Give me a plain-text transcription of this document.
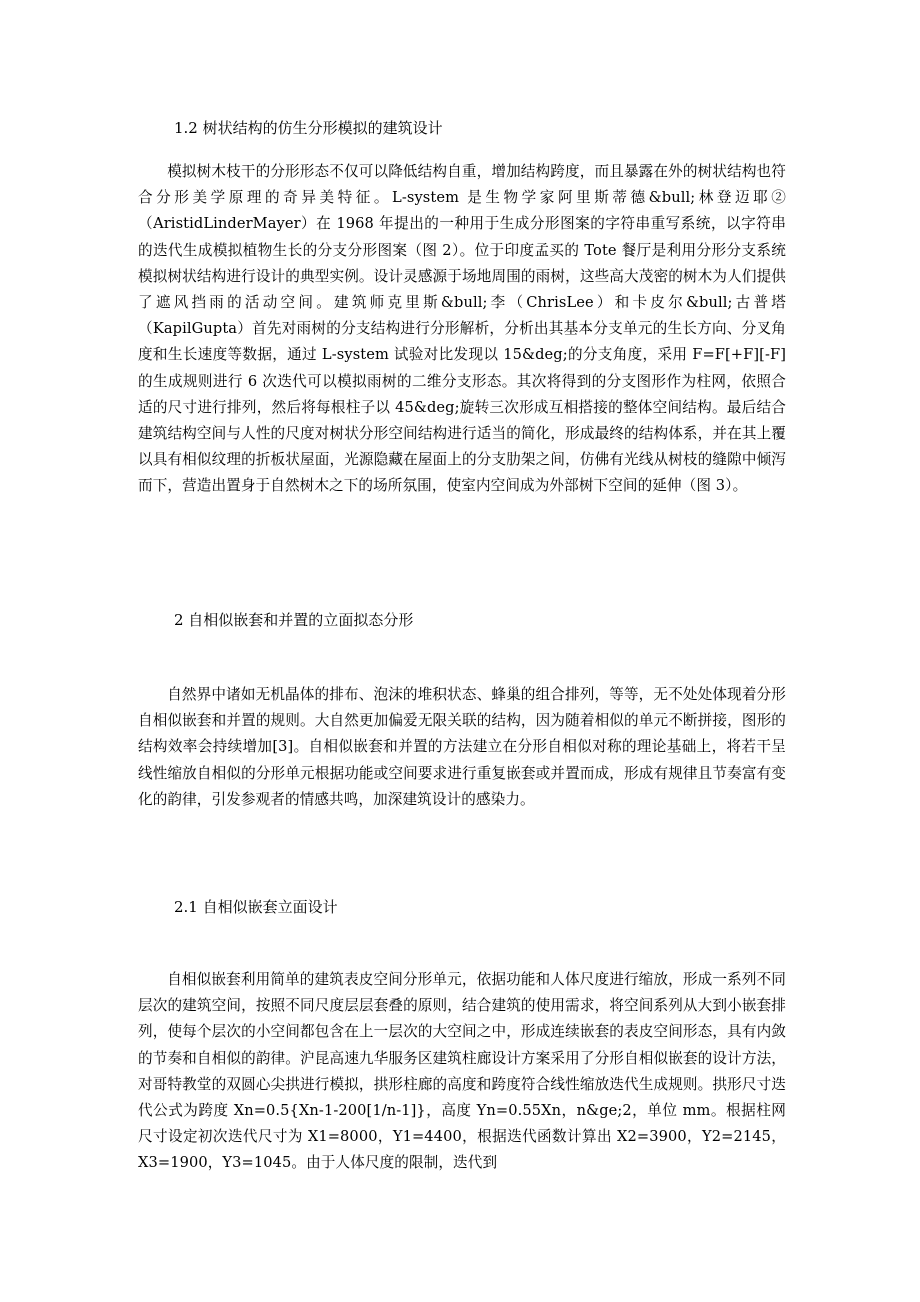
1.2 树状结构的仿生分形模拟的建筑设计
模拟树木枝干的分形形态不仅可以降低结构自重，增加结构跨度，而且暴露在外的树状结构也符合分形美学原理的奇异美特征。L-system 是生物学家阿里斯蒂德&bull;林登迈耶②（AristidLinderMayer）在 1968 年提出的一种用于生成分形图案的字符串重写系统，以字符串的迭代生成模拟植物生长的分支分形图案（图 2）。位于印度孟买的 Tote 餐厅是利用分形分支系统模拟树状结构进行设计的典型实例。设计灵感源于场地周围的雨树，这些高大茂密的树木为人们提供了遮风挡雨的活动空间。建筑师克里斯&bull;李（ChrisLee）和卡皮尔&bull;古普塔（KapilGupta）首先对雨树的分支结构进行分形解析，分析出其基本分支单元的生长方向、分叉角度和生长速度等数据，通过 L-system 试验对比发现以 15&deg;的分支角度，采用 F=F[+F][-F]的生成规则进行 6 次迭代可以模拟雨树的二维分支形态。其次将得到的分支图形作为柱网，依照合适的尺寸进行排列，然后将每根柱子以 45&deg;旋转三次形成互相搭接的整体空间结构。最后结合建筑结构空间与人性的尺度对树状分形空间结构进行适当的简化，形成最终的结构体系，并在其上覆以具有相似纹理的折板状屋面，光源隐藏在屋面上的分支肋架之间，仿佛有光线从树枝的缝隙中倾泻而下，营造出置身于自然树木之下的场所氛围，使室内空间成为外部树下空间的延伸（图 3）。
2 自相似嵌套和并置的立面拟态分形
自然界中诸如无机晶体的排布、泡沫的堆积状态、蜂巢的组合排列，等等，无不处处体现着分形自相似嵌套和并置的规则。大自然更加偏爱无限关联的结构，因为随着相似的单元不断拼接，图形的结构效率会持续增加[3]。自相似嵌套和并置的方法建立在分形自相似对称的理论基础上，将若干呈线性缩放自相似的分形单元根据功能或空间要求进行重复嵌套或并置而成，形成有规律且节奏富有变化的韵律，引发参观者的情感共鸣，加深建筑设计的感染力。
2.1 自相似嵌套立面设计
自相似嵌套利用简单的建筑表皮空间分形单元，依据功能和人体尺度进行缩放，形成一系列不同层次的建筑空间，按照不同尺度层层套叠的原则，结合建筑的使用需求，将空间系列从大到小嵌套排列，使每个层次的小空间都包含在上一层次的大空间之中，形成连续嵌套的表皮空间形态，具有内敛的节奏和自相似的韵律。沪昆高速九华服务区建筑柱廊设计方案采用了分形自相似嵌套的设计方法，对哥特教堂的双圆心尖拱进行模拟，拱形柱廊的高度和跨度符合线性缩放迭代生成规则。拱形尺寸迭代公式为跨度 Xn=0.5{Xn-1-200[1/n-1]}，高度 Yn=0.55Xn，n&ge;2，单位 mm。根据柱网尺寸设定初次迭代尺寸为 X1=8000，Y1=4400，根据迭代函数计算出 X2=3900，Y2=2145，X3=1900，Y3=1045。由于人体尺度的限制，迭代到
